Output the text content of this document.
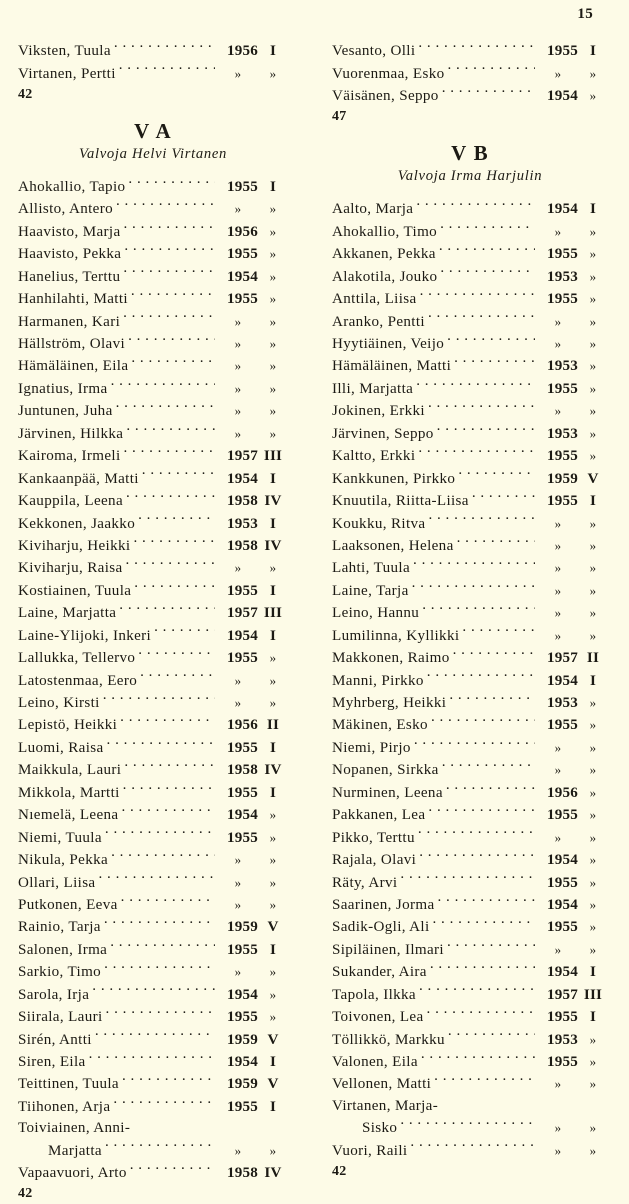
15
Viksten, Tuula . . .	1956 I
Virtanen, Pertti . . .	»	»
42
V A
Valvoja Helvi Virtanen
Ahokallio, Tapio . . .	1955 I
Allisto, Antero . . .	»	»
Haavisto, Marja . . .	1956 »
Haavisto, Pekka . . .	1955 »
Hanelius, Terttu . . .	1954 »
Hanhilahti, Matti . . .	1955 »
Harmanen, Kari . . .	»	»
Hällström, Olavi . . .	»	»
Hämäläinen, Eila . . .	»	»
Ignatius, Irma . . .	»	»
Juntunen, Juha . . .	»	»
Järvinen, Hilkka . . .	»	»
Kairoma, Irmeli . . .	1957 III
Kankaanpää, Matti . . .	1954 I
Kauppila, Leena . . .	1958 IV
Kekkonen, Jaakko . . .	1953 I
Kiviharju, Heikki . . .	1958 IV
Kiviharju, Raisa . . .	»	»
Kostiainen, Tuula . . .	1955 I
Laine, Marjatta . . .	1957 III
Laine-Ylijoki, Inkeri . . .	1954 I
Lallukka, Tellervo . . .	1955 »
Latostenmaa, Eero . . .	»	»
Leino, Kirsti . . .	»	»
Lepistö, Heikki . . .	1956 II
Luomi, Raisa . . .	1955 I
Maikkula, Lauri . . .	1958 IV
Mikkola, Martti . . .	1955 I
Nıemelä, Leena . . .	1954 »
Niemi, Tuula . . .	1955 »
Nikula, Pekka . . .	»	»
Ollari, Liisa . . .	»	»
Putkonen, Eeva . . .	»	»
Rainio, Tarja . . .	1959 V
Salonen, Irma . . .	1955 I
Sarkio, Timo . . .	»	»
Sarola, Irja . . .	1954 »
Siirala, Lauri . . .	1955 »
Sirén, Antti . . .	1959 V
Siren, Eila . . .	1954 I
Teittinen, Tuula . . .	1959 V
Tiihonen, Arja . . .	1955 I
Toiviainen, Anni-
Marjatta . . .	»	»
Vapaavuori, Arto . . .	1958 IV
42
Vesanto, Olli . . .	1955 I
Vuorenmaa, Esko . . .	»	»
Väisänen, Seppo . . .	1954 »
47
V B
Valvoja Irma Harjulin
Aalto, Marja . . .	1954 I
Ahokallio, Timo . . .	»	»
Akkanen, Pekka . . .	1955 »
Alakotila, Jouko . . .	1953 »
Anttila, Liisa . . .	1955 »
Aranko, Pentti . . .	»	»
Hyytiäinen, Veijo . . .	»	»
Hämäläinen, Matti . . .	1953 »
Illi, Marjatta . . .	1955 »
Jokinen, Erkki . . .	»	»
Järvinen, Seppo . . .	1953 »
Kaltto, Erkki . . .	1955 »
Kankkunen, Pirkko . . .	1959 V
Knuutila, Riitta-Liisa . . .	1955 I
Koukku, Ritva . . .	»	»
Laaksonen, Helena . . .	»	»
Lahti, Tuula . . .	»	»
Laine, Tarja . . .	»	»
Leino, Hannu . . .	»	»
Lumilinna, Kyllikki . . .	»	»
Makkonen, Raimo . . .	1957 II
Manni, Pirkko . . .	1954 I
Myhrberg, Heikki . . .	1953 »
Mäkinen, Esko . . .	1955 »
Niemi, Pirjo . . .	»	»
Nopanen, Sirkka . . .	»	»
Nurminen, Leena . . .	1956 »
Pakkanen, Lea . . .	1955 »
Pikko, Terttu . . .	»	»
Rajala, Olavi . . .	1954 »
Räty, Arvi . . .	1955 »
Saarinen, Jorma . . .	1954 »
Sadik-Ogli, Ali . . .	1955 »
Sipiläinen, Ilmari . . .	»	»
Sukander, Aira . . .	1954 I
Tapola, Ilkka . . .	1957 III
Toivonen, Lea . . .	1955 I
Töllikkö, Markku . . .	1953 »
Valonen, Eila . . .	1955 »
Vellonen, Matti . . .	»	»
Virtanen, Marja-
Sisko . . .	»	»
Vuori, Raili . . .	»	»
42
